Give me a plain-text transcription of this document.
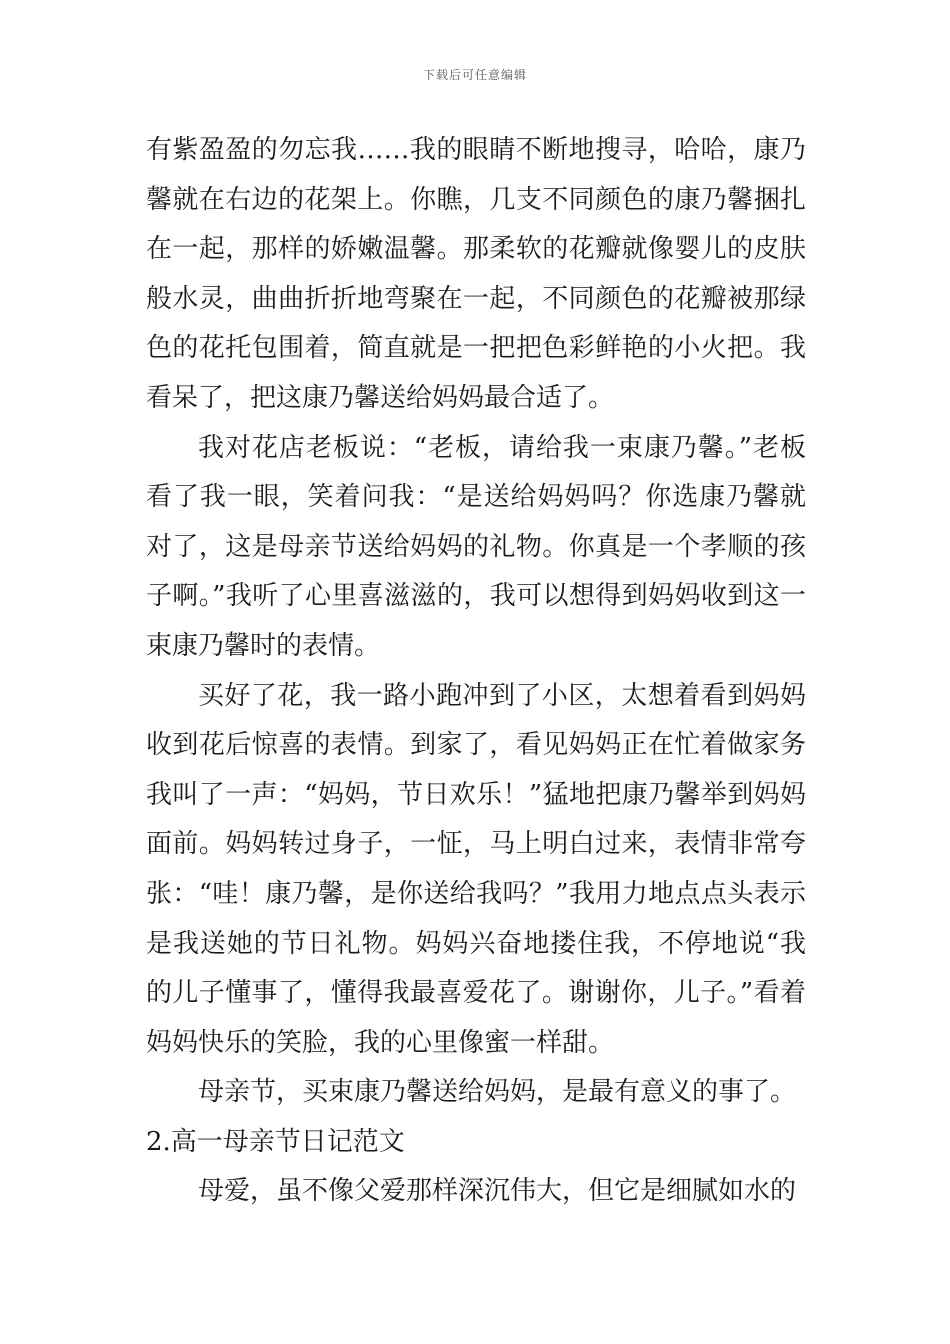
下载后可任意编辑

有紫盈盈的勿忘我……我的眼睛不断地搜寻，哈哈，康乃馨就在右边的花架上。你瞧，几支不同颜色的康乃馨捆扎在一起，那样的娇嫩温馨。那柔软的花瓣就像婴儿的皮肤般水灵，曲曲折折地弯聚在一起，不同颜色的花瓣被那绿色的花托包围着，简直就是一把把色彩鲜艳的小火把。我看呆了，把这康乃馨送给妈妈最合适了。

我对花店老板说：“老板，请给我一束康乃馨。”老板看了我一眼，笑着问我：“是送给妈妈吗？你选康乃馨就对了，这是母亲节送给妈妈的礼物。你真是一个孝顺的孩子啊。”我听了心里喜滋滋的，我可以想得到妈妈收到这一束康乃馨时的表情。

买好了花，我一路小跑冲到了小区，太想着看到妈妈收到花后惊喜的表情。到家了，看见妈妈正在忙着做家务我叫了一声：“妈妈，节日欢乐！”猛地把康乃馨举到妈妈面前。妈妈转过身子，一怔，马上明白过来，表情非常夸张：“哇！康乃馨，是你送给我吗？”我用力地点点头表示是我送她的节日礼物。妈妈兴奋地搂住我，不停地说“我的儿子懂事了，懂得我最喜爱花了。谢谢你，儿子。”看着妈妈快乐的笑脸，我的心里像蜜一样甜。

母亲节，买束康乃馨送给妈妈，是最有意义的事了。

2.高一母亲节日记范文

母爱，虽不像父爱那样深沉伟大，但它是细腻如水的
